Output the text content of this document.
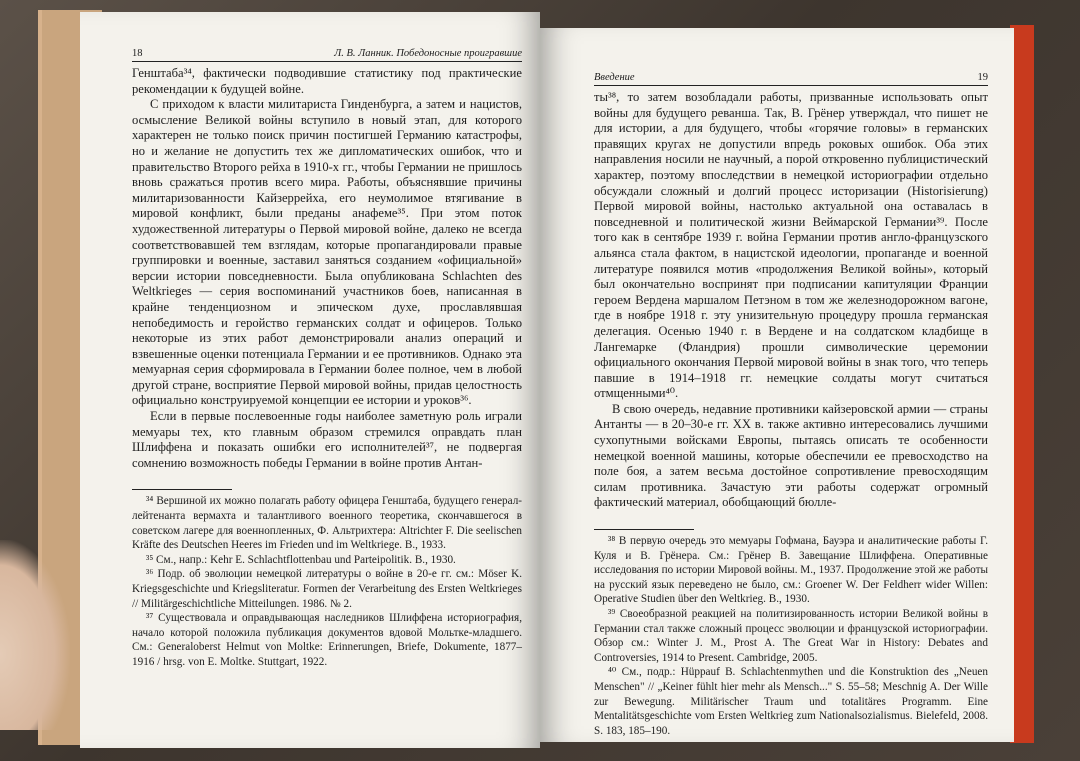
18	Л. В. Ланник. Победоносные проигравшие

Генштаба³⁴, фактически подводившие статистику под практические рекомендации к будущей войне.

С приходом к власти милитариста Гинденбурга, а затем и нацистов, осмысление Великой войны вступило в новый этап, для которого характерен не только поиск причин постигшей Германию катастрофы, но и желание не допустить тех же дипломатических ошибок, что и правительство Второго рейха в 1910-х гг., чтобы Германии не пришлось вновь сражаться против всего мира. Работы, объяснявшие причины милитаризованности Кайзеррейха, его неумолимое втягивание в мировой конфликт, были преданы анафеме³⁵. При этом поток художественной литературы о Первой мировой войне, далеко не всегда соответствовавшей тем взглядам, которые пропагандировали правые группировки и военные, заставил заняться созданием «официальной» версии истории повседневности. Была опубликована Schlachten des Weltkrieges — серия воспоминаний участников боев, написанная в крайне тенденциозном и эпическом духе, прославлявшая непобедимость и геройство германских солдат и офицеров. Только некоторые из этих работ демонстрировали анализ операций и взвешенные оценки потенциала Германии и ее противников. Однако эта мемуарная серия сформировала в Германии более полное, чем в любой другой стране, восприятие Первой мировой войны, придав целостность официально конструируемой концепции ее истории и уроков³⁶.

Если в первые послевоенные годы наиболее заметную роль играли мемуары тех, кто главным образом стремился оправдать план Шлиффена и показать ошибки его исполнителей³⁷, не подвергая сомнению возможность победы Германии в войне против Антан-

³⁴ Вершиной их можно полагать работу офицера Генштаба, будущего генерал-лейтенанта вермахта и талантливого военного теоретика, скончавшегося в советском лагере для военнопленных, Ф. Альтрихтера: Altrichter F. Die seelischen Kräfte des Deutschen Heeres im Frieden und im Weltkriege. B., 1933.

³⁵ См., напр.: Kehr E. Schlachtflottenbau und Parteipolitik. B., 1930.

³⁶ Подр. об эволюции немецкой литературы о войне в 20-е гг. см.: Möser K. Kriegsgeschichte und Kriegsliteratur. Formen der Verarbeitung des Ersten Weltkrieges // Militärgeschichtliche Mitteilungen. 1986. № 2.

³⁷ Существовала и оправдывающая наследников Шлиффена историография, начало которой положила публикация документов вдовой Мольтке-младшего. См.: Generaloberst Helmut von Moltke: Erinnerungen, Briefe, Dokumente, 1877–1916 / hrsg. von E. Moltke. Stuttgart, 1922.

Введение	19

ты³⁸, то затем возобладали работы, призванные использовать опыт войны для будущего реванша. Так, В. Грёнер утверждал, что пишет не для истории, а для будущего, чтобы «горячие головы» в германских правящих кругах не допустили впредь роковых ошибок. Оба этих направления носили не научный, а порой откровенно публицистический характер, поэтому впоследствии в немецкой историографии отдельно обсуждали сложный и долгий процесс историзации (Historisierung) Первой мировой войны, настолько актуальной она оставалась в повседневной и политической жизни Веймарской Германии³⁹. После того как в сентябре 1939 г. война Германии против англо-французского альянса стала фактом, в нацистской идеологии, пропаганде и военной литературе появился мотив «продолжения Великой войны», который был окончательно воспринят при подписании капитуляции Франции героем Вердена маршалом Петэном в том же железнодорожном вагоне, где в ноябре 1918 г. эту унизительную процедуру прошла германская делегация. Осенью 1940 г. в Вердене и на солдатском кладбище в Лангемарке (Фландрия) прошли символические церемонии официального окончания Первой мировой войны в знак того, что теперь павшие в 1914–1918 гг. немецкие солдаты могут считаться отмщенными⁴⁰.

В свою очередь, недавние противники кайзеровской армии — страны Антанты — в 20–30-е гг. XX в. также активно интересовались лучшими сухопутными войсками Европы, пытаясь описать те особенности немецкой военной машины, которые обеспечили ее превосходство на поле боя, а затем весьма достойное сопротивление превосходящим силам противника. Зачастую эти работы содержат огромный фактический материал, обобщающий бюлле-

³⁸ В первую очередь это мемуары Гофмана, Бауэра и аналитические работы Г. Куля и В. Грёнера. См.: Грёнер В. Завещание Шлиффена. Оперативные исследования по истории Мировой войны. М., 1937. Продолжение этой же работы на русский язык переведено не было, см.: Groener W. Der Feldherr wider Willen: Operative Studien über den Weltkrieg. B., 1930.

³⁹ Своеобразной реакцией на политизированность истории Великой войны в Германии стал также сложный процесс эволюции и французской историографии. Обзор см.: Winter J. M., Prost A. The Great War in History: Debates and Controversies, 1914 to Present. Cambridge, 2005.

⁴⁰ См., подр.: Hüppauf B. Schlachtenmythen und die Konstruktion des „Neuen Menschen" // „Keiner fühlt hier mehr als Mensch..." S. 55–58; Meschnig A. Der Wille zur Bewegung. Militärischer Traum und totalitäres Programm. Eine Mentalitätsgeschichte vom Ersten Weltkrieg zum Nationalsozialismus. Bielefeld, 2008. S. 183, 185–190.
